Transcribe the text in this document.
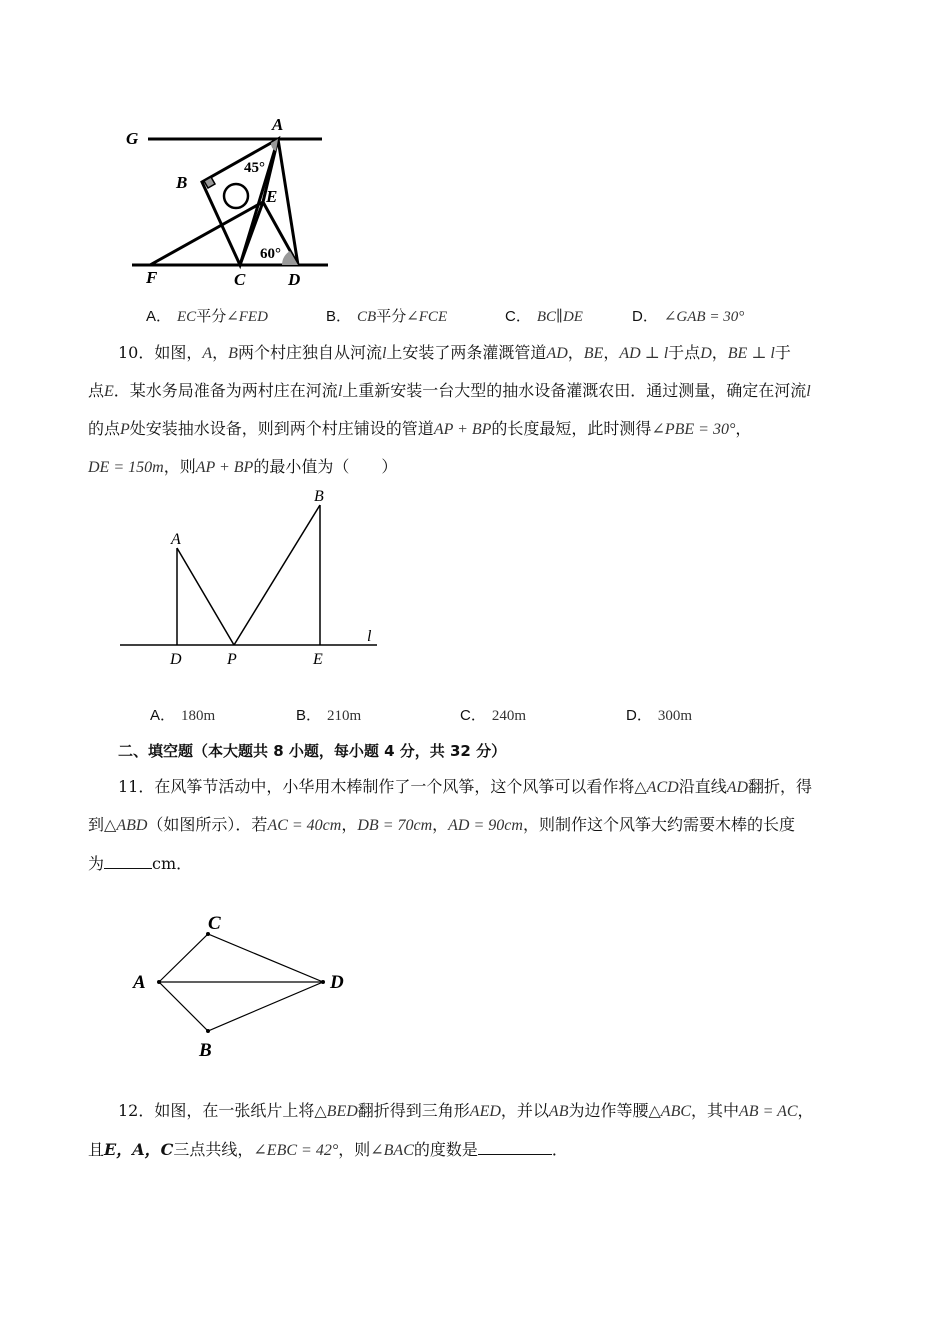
G
A
B
E
F	C	D
45°
60°
A． EC平分∠FED	B． CB平分∠FCE	C． BC∥DE	D． ∠GAB = 30°
10．如图，A，B两个村庄独自从河流l上安装了两条灌溉管道AD，BE，AD ⊥ l于点D，BE ⊥ l于
点E．某水务局准备为两村庄在河流l上重新安装一台大型的抽水设备灌溉农田．通过测量，确定在河流l
的点P处安装抽水设备，则到两个村庄铺设的管道AP + BP的长度最短，此时测得∠PBE = 30°，
DE = 150m，则AP + BP的最小值为（　　）
A
B
D	P	E
l
A． 180m	B． 210m	C． 240m	D． 300m
二、填空题（本大题共 8 小题，每小题 4 分，共 32 分）
11．在风筝节活动中，小华用木棒制作了一个风筝，这个风筝可以看作将△ACD沿直线AD翻折，得
到△ABD（如图所示）．若AC = 40cm，DB = 70cm，AD = 90cm，则制作这个风筝大约需要木棒的长度
为	cm．
A
C
D
B
12．如图，在一张纸片上将△BED翻折得到三角形AED，并以AB为边作等腰△ABC，其中AB = AC，
且E，A，C三点共线，∠EBC = 42°，则∠BAC的度数是	．
